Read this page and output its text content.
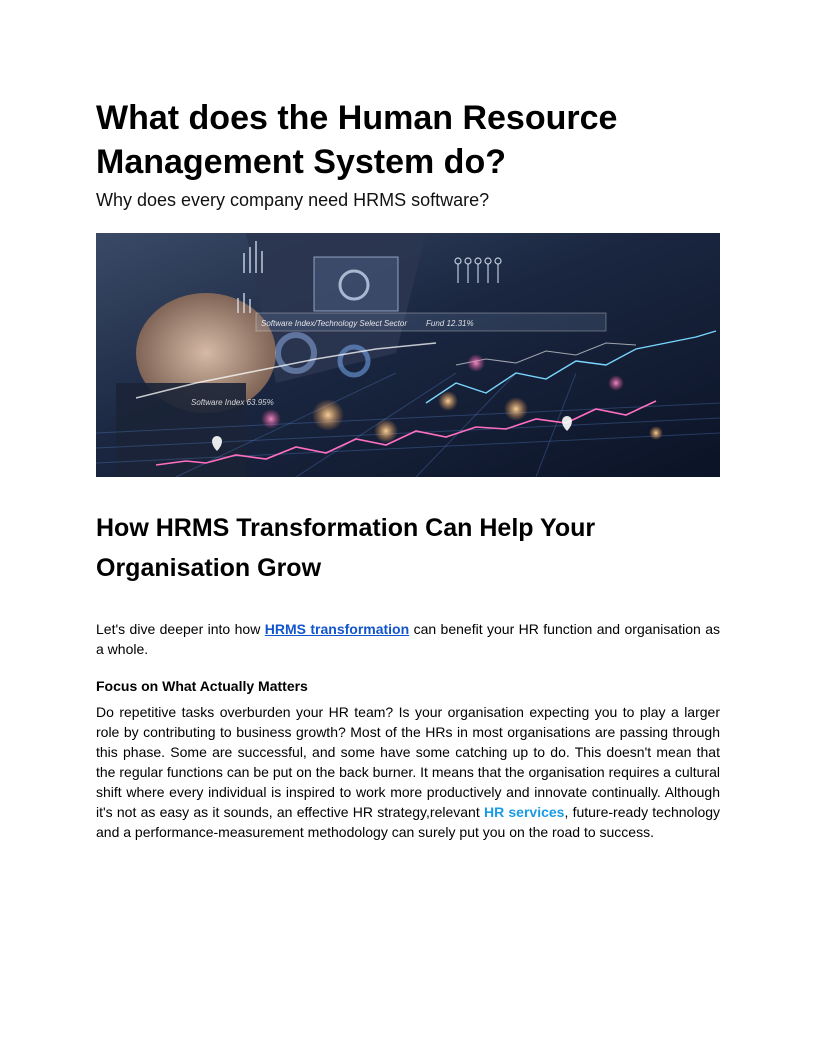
What does the Human Resource Management System do?
Why does every company need HRMS software?
Software Index/Technology Select Sector Fund 12.31%
Software Index 63.95%
How HRMS Transformation Can Help Your Organisation Grow

Let's dive deeper into how HRMS transformation can benefit your HR function and organisation as a whole.

Focus on What Actually Matters

Do repetitive tasks overburden your HR team? Is your organisation expecting you to play a larger role by contributing to business growth? Most of the HRs in most organisations are passing through this phase. Some are successful, and some have some catching up to do. This doesn't mean that the regular functions can be put on the back burner. It means that the organisation requires a cultural shift where every individual is inspired to work more productively and innovate continually. Although it's not as easy as it sounds, an effective HR strategy,relevant HR services, future-ready technology and a performance-measurement methodology can surely put you on the road to success.
